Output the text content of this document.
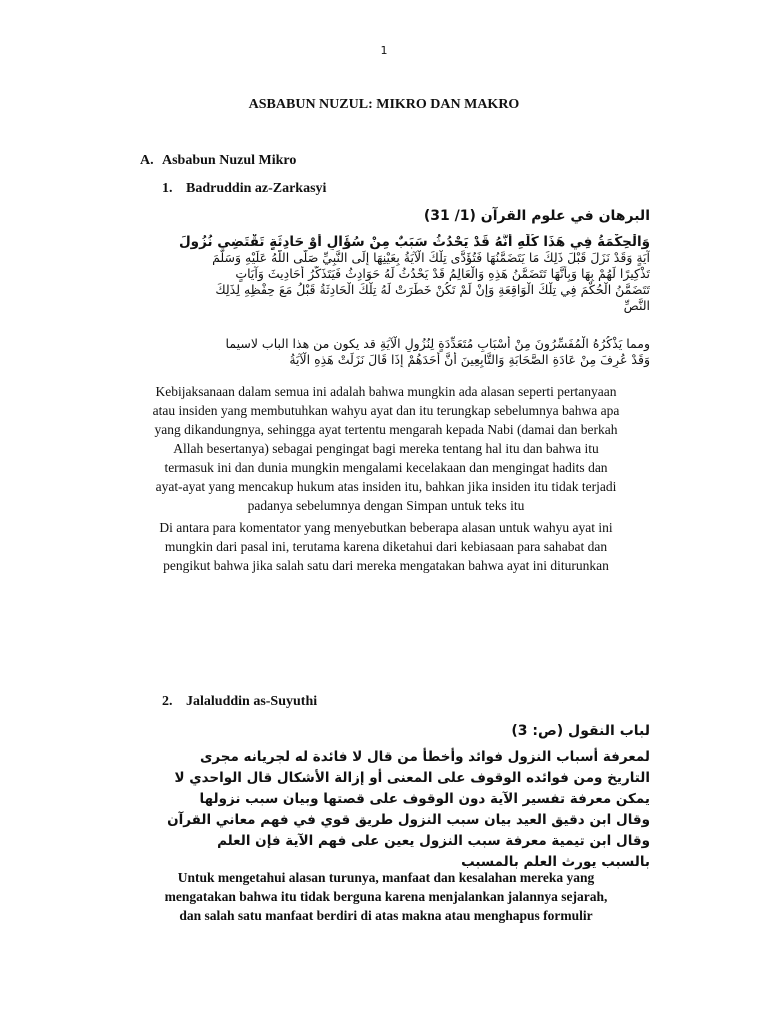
1
ASBABUN NUZUL: MIKRO DAN MAKRO
A. Asbabun Nuzul Mikro
1. Badruddin az-Zarkasyi
البرهان في علوم القرآن (1/ 31)
وَالْحِكْمَةُ فِي هَذَا كُلِّهِ أَنَّهُ قَدْ يَحْدُثُ سَبَبٌ مِنْ سُؤَالٍ أَوْ حَادِثَةٍ تَقْتَضِي نُزُولَ
آيَةٍ وَقَدْ نَزَلَ قَبْلَ ذَلِكَ مَا يَتَضَمَّنُهَا فَتُؤَدَّى تِلْكَ الْآيَةُ بِعَيْنِهَا إِلَى النَّبِيِّ صَلَّى اللَّهُ عَلَيْهِ وَسَلَّمَ
تَذْكِيرًا لَهُمْ بِهَا وَبِأَنَّهَا تَتَضَمَّنُ هَذِهِ وَالْعَالِمُ قَدْ يَحْدُثُ لَهُ حَوَادِثُ فَيَتَذَكَّرُ أَحَادِيثَ وَآيَاتٍ
تَتَضَمَّنُ الْحُكْمَ فِي تِلْكَ الْوَاقِعَةِ وَإِنْ لَمْ تَكُنْ خَطَرَتْ لَهُ تِلْكَ الْحَادِثَةُ قَبْلُ مَعَ حِفْظِهِ لِذَلِكَ
النَّصِّ
ومما يَذْكُرُهُ الْمُفَسِّرُونَ مِنْ أَسْبَابٍ مُتَعَدِّدَةٍ لِنُزُولِ الْآيَةِ قد يكون من هذا الباب لاسيما
وَقَدْ عُرِفَ مِنْ عَادَةِ الصَّحَابَةِ وَالتَّابِعِينَ أَنَّ أَحَدَهُمْ إِذَا قَالَ نَزَلَتْ هَذِهِ الْآيَةُ
Kebijaksanaan dalam semua ini adalah bahwa mungkin ada alasan seperti pertanyaan
atau insiden yang membutuhkan wahyu ayat dan itu terungkap sebelumnya bahwa apa
yang dikandungnya, sehingga ayat tertentu mengarah kepada Nabi (damai dan berkah
Allah besertanya) sebagai pengingat bagi mereka tentang hal itu dan bahwa itu
termasuk ini dan dunia mungkin mengalami kecelakaan dan mengingat hadits dan
ayat-ayat yang mencakup hukum atas insiden itu, bahkan jika insiden itu tidak terjadi
padanya sebelumnya dengan Simpan untuk teks itu
Di antara para komentator yang menyebutkan beberapa alasan untuk wahyu ayat ini
mungkin dari pasal ini, terutama karena diketahui dari kebiasaan para sahabat dan
pengikut bahwa jika salah satu dari mereka mengatakan bahwa ayat ini diturunkan
2. Jalaluddin as-Suyuthi
لباب النقول (ص: 3)
لمعرفة أسباب النزول فوائد وأخطأ من قال لا فائدة له لجريانه مجرى
التاريخ ومن فوائده الوقوف على المعنى أو إزالة الأشكال قال الواحدي لا
يمكن معرفة تفسير الآية دون الوقوف على قصتها وبيان سبب نزولها
وقال ابن دقيق العيد بيان سبب النزول طريق قوي في فهم معاني القرآن
وقال ابن تيمية معرفة سبب النزول يعين على فهم الآية فإن العلم
بالسبب يورث العلم بالمسبب
Untuk mengetahui alasan turunya, manfaat dan kesalahan mereka yang
mengatakan bahwa itu tidak berguna karena menjalankan jalannya sejarah,
dan salah satu manfaat berdiri di atas makna atau menghapus formulir
